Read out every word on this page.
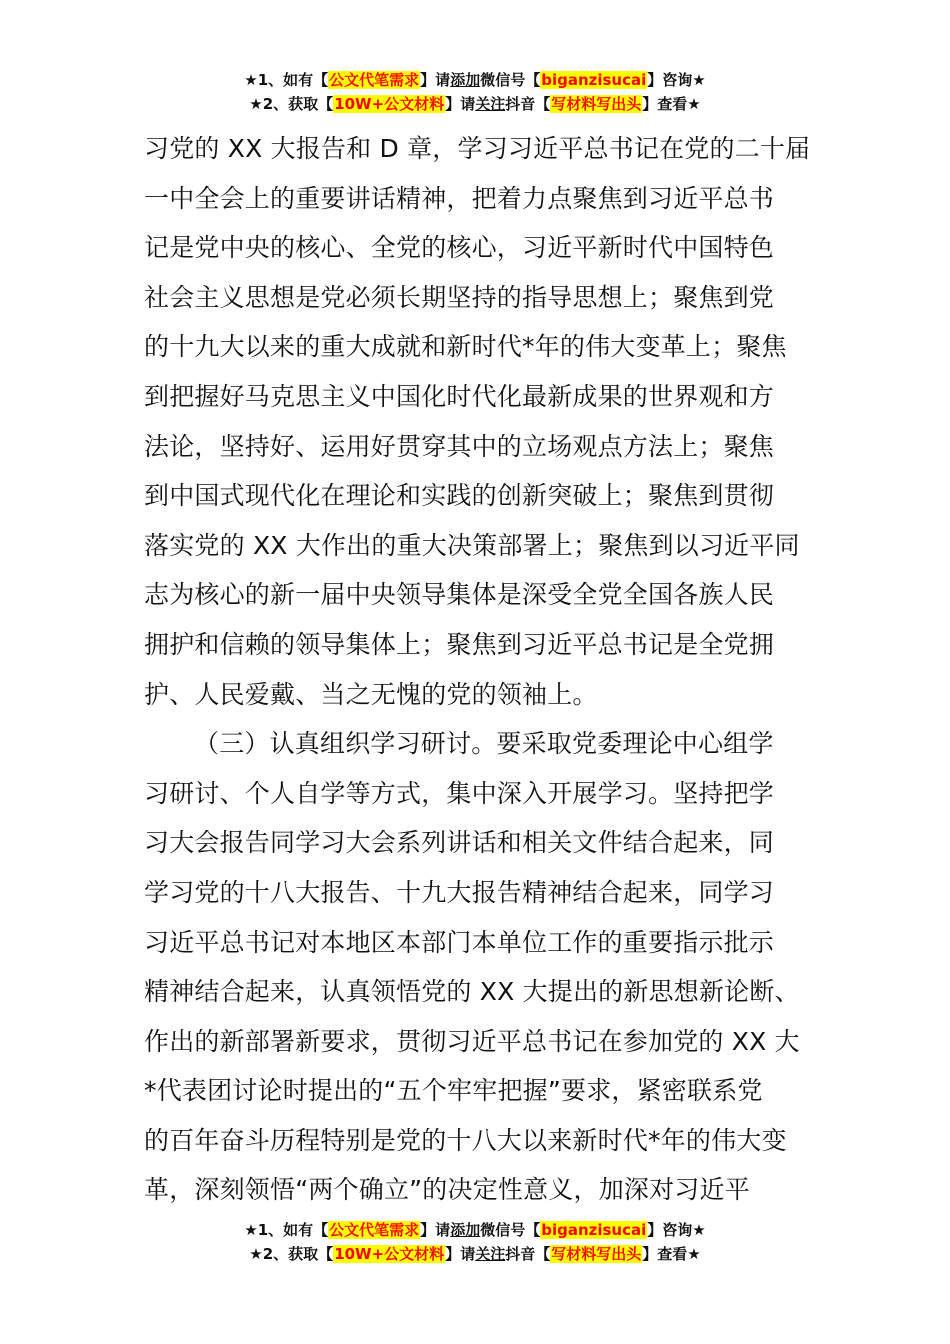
★1、如有【公文代笔需求】请添加微信号【biganzisucai】咨询★
★2、获取【10W+公文材料】请关注抖音【写材料写出头】查看★
习党的 XX 大报告和 D 章，学习习近平总书记在党的二十届
一中全会上的重要讲话精神，把着力点聚焦到习近平总书
记是党中央的核心、全党的核心，习近平新时代中国特色
社会主义思想是党必须长期坚持的指导思想上；聚焦到党
的十九大以来的重大成就和新时代*年的伟大变革上；聚焦
到把握好马克思主义中国化时代化最新成果的世界观和方
法论，坚持好、运用好贯穿其中的立场观点方法上；聚焦
到中国式现代化在理论和实践的创新突破上；聚焦到贯彻
落实党的 XX 大作出的重大决策部署上；聚焦到以习近平同
志为核心的新一届中央领导集体是深受全党全国各族人民
拥护和信赖的领导集体上；聚焦到习近平总书记是全党拥
护、人民爱戴、当之无愧的党的领袖上。
（三）认真组织学习研讨。要采取党委理论中心组学
习研讨、个人自学等方式，集中深入开展学习。坚持把学
习大会报告同学习大会系列讲话和相关文件结合起来，同
学习党的十八大报告、十九大报告精神结合起来，同学习
习近平总书记对本地区本部门本单位工作的重要指示批示
精神结合起来，认真领悟党的 XX 大提出的新思想新论断、
作出的新部署新要求，贯彻习近平总书记在参加党的 XX 大
*代表团讨论时提出的“五个牢牢把握”要求，紧密联系党
的百年奋斗历程特别是党的十八大以来新时代*年的伟大变
革，深刻领悟“两个确立”的决定性意义，加深对习近平
★1、如有【公文代笔需求】请添加微信号【biganzisucai】咨询★
★2、获取【10W+公文材料】请关注抖音【写材料写出头】查看★
